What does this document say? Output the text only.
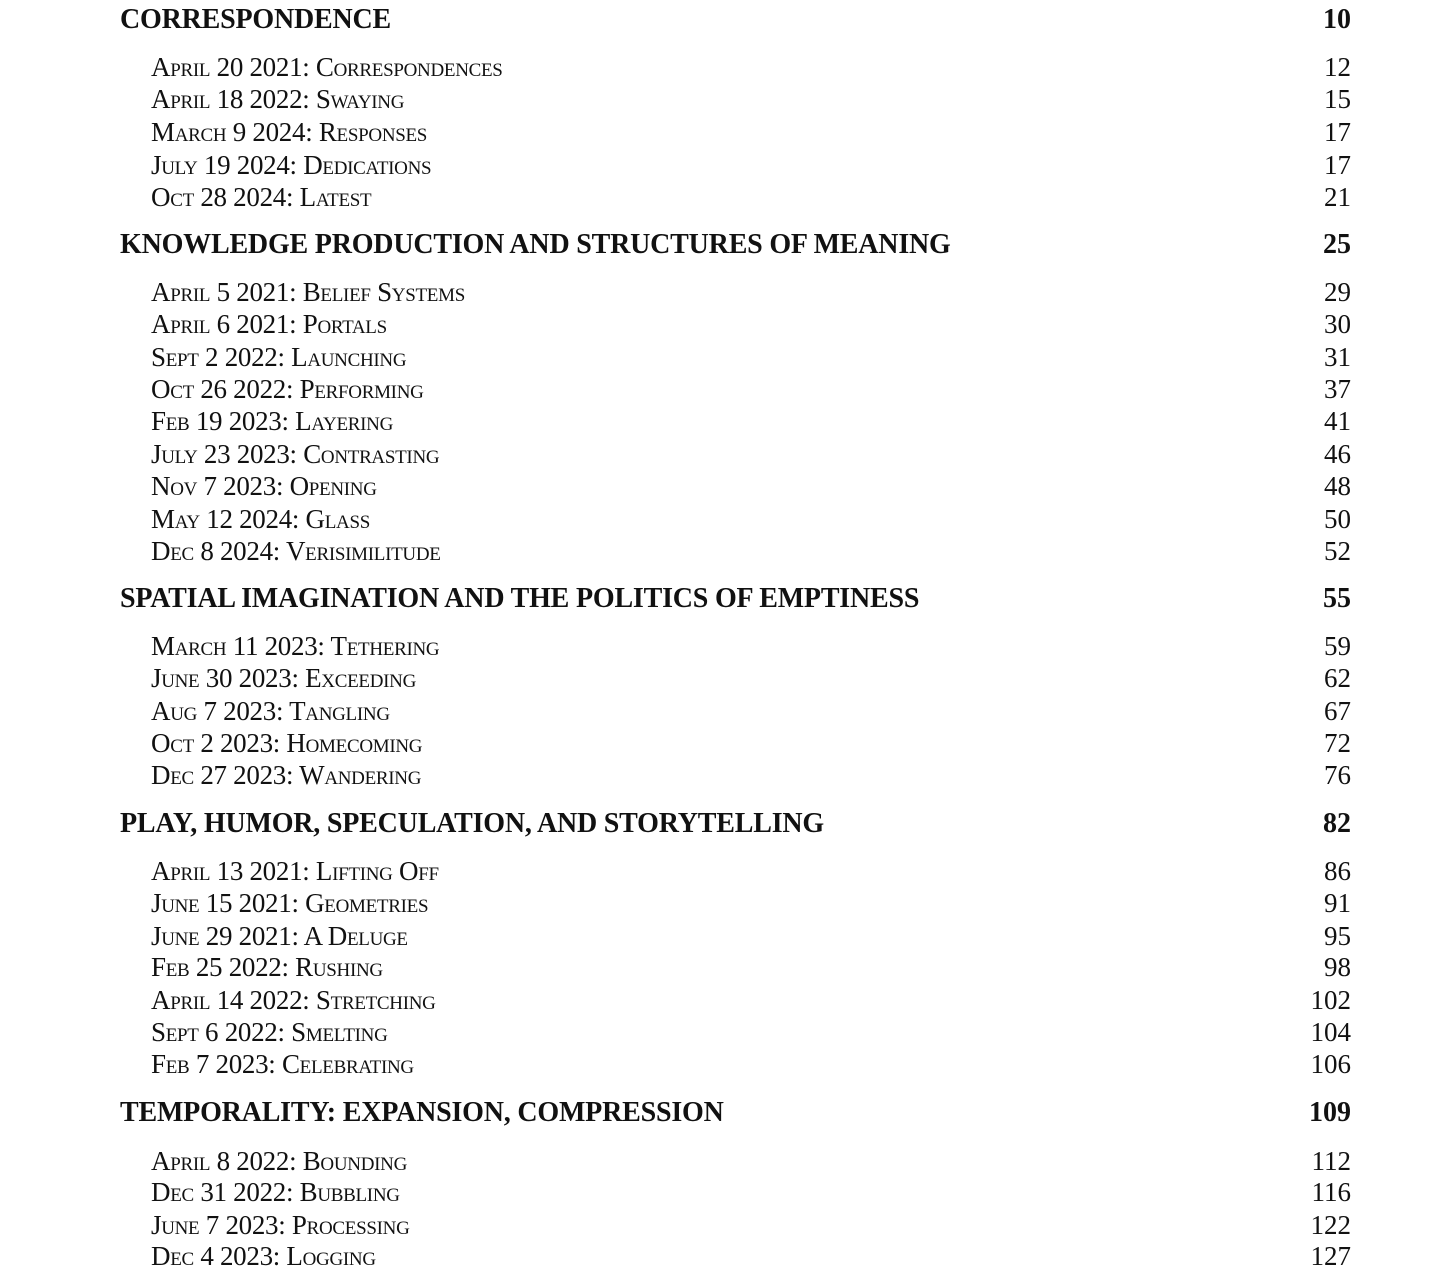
CORRESPONDENCE	10
April 20 2021: Correspondences	12
April 18 2022: Swaying	15
March 9 2024: Responses	17
July 19 2024: Dedications	17
Oct 28 2024: Latest	21
KNOWLEDGE PRODUCTION AND STRUCTURES OF MEANING	25
April 5 2021: Belief Systems	29
April 6 2021: Portals	30
Sept 2 2022: Launching	31
Oct 26 2022: Performing	37
Feb 19 2023: Layering	41
July 23 2023: Contrasting	46
Nov 7 2023: Opening	48
May 12 2024: Glass	50
Dec 8 2024: Verisimilitude	52
SPATIAL IMAGINATION AND THE POLITICS OF EMPTINESS	55
March 11 2023: Tethering	59
June 30 2023: Exceeding	62
Aug 7 2023: Tangling	67
Oct 2 2023: Homecoming	72
Dec 27 2023: Wandering	76
PLAY, HUMOR, SPECULATION, AND STORYTELLING	82
April 13 2021: Lifting Off	86
June 15 2021: Geometries	91
June 29 2021: A Deluge	95
Feb 25 2022: Rushing	98
April 14 2022: Stretching	102
Sept 6 2022: Smelting	104
Feb 7 2023: Celebrating	106
TEMPORALITY: EXPANSION, COMPRESSION	109
April 8 2022: Bounding	112
Dec 31 2022: Bubbling	116
June 7 2023: Processing	122
Dec 4 2023: Logging	127
